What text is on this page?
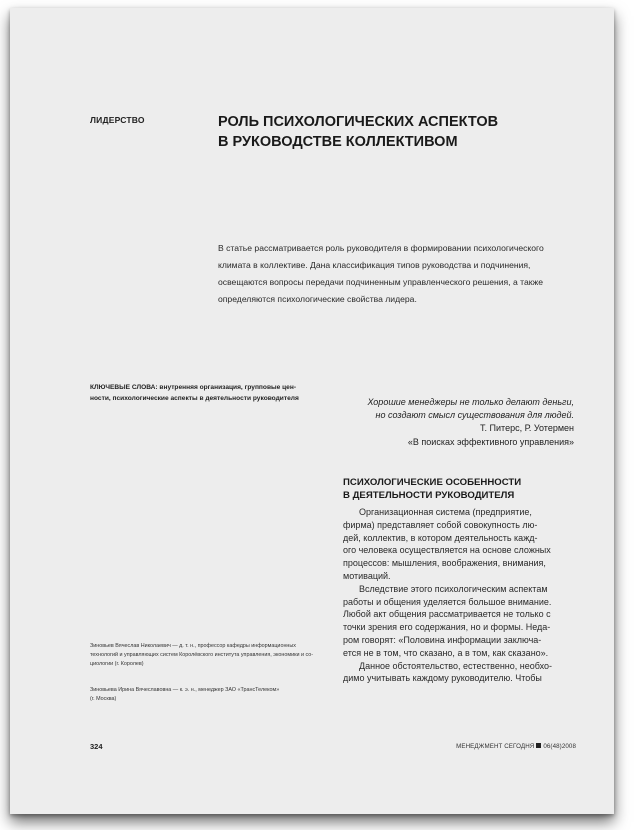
ЛИДЕРСТВО	РОЛЬ ПСИХОЛОГИЧЕСКИХ АСПЕКТОВ
В РУКОВОДСТВЕ КОЛЛЕКТИВОМ
В статье рассматривается роль руководителя в формировании психологического
климата в коллективе. Дана классификация типов руководства и подчинения,
освещаются вопросы передачи подчиненным управленческого решения, а также
определяются психологические свойства лидера.
КЛЮЧЕВЫЕ СЛОВА: внутренняя организация, групповые цен-
ности, психологические аспекты в деятельности руководителя	Хорошие менеджеры не только делают деньги,
но создают смысл существования для людей.
Т. Питерс, Р. Уотермен
«В поисках эффективного управления»
ПСИХОЛОГИЧЕСКИЕ ОСОБЕННОСТИ
В ДЕЯТЕЛЬНОСТИ РУКОВОДИТЕЛЯ
Организационная система (предприятие,
фирма) представляет собой совокупность лю-
дей, коллектив, в котором деятельность кажд-
ого человека осуществляется на основе сложных
процессов: мышления, воображения, внимания,
мотиваций.
Вследствие этого психологическим аспектам
работы и общения уделяется большое внимание.
Любой акт общения рассматривается не только с
точки зрения его содержания, но и формы. Неда-
ром говорят: «Половина информации заключа-
ется не в том, что сказано, а в том, как сказано».
Данное обстоятельство, естественно, необхо-
димо учитывать каждому руководителю. Чтобы
Зиновьев Вячеслав Николаевич — д. т. н., профессор кафедры информационных
технологий и управляющих систем Королёвского института управления, экономики и со-
циологии (г. Королев)
Зиновьева Ирина Вячеславовна — к. э. н., менеджер ЗАО «ТрансТелеком»
(г. Москва)
324	МЕНЕДЖМЕНТ СЕГОДНЯ 06(48)2008
